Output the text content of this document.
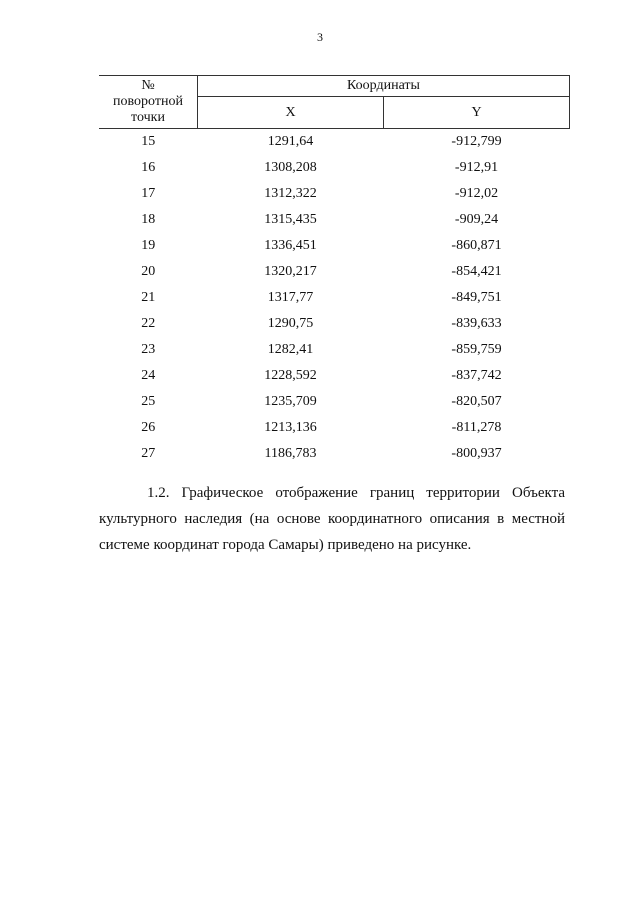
3
№
поворотной
точки	Координаты	
	X	Y
15	1291,64	-912,799
16	1308,208	-912,91
17	1312,322	-912,02
18	1315,435	-909,24
19	1336,451	-860,871
20	1320,217	-854,421
21	1317,77	-849,751
22	1290,75	-839,633
23	1282,41	-859,759
24	1228,592	-837,742
25	1235,709	-820,507
26	1213,136	-811,278
27	1186,783	-800,937

1.2. Графическое отображение границ территории Объекта культурного наследия (на основе координатного описания в местной системе координат города Самары) приведено на рисунке.
